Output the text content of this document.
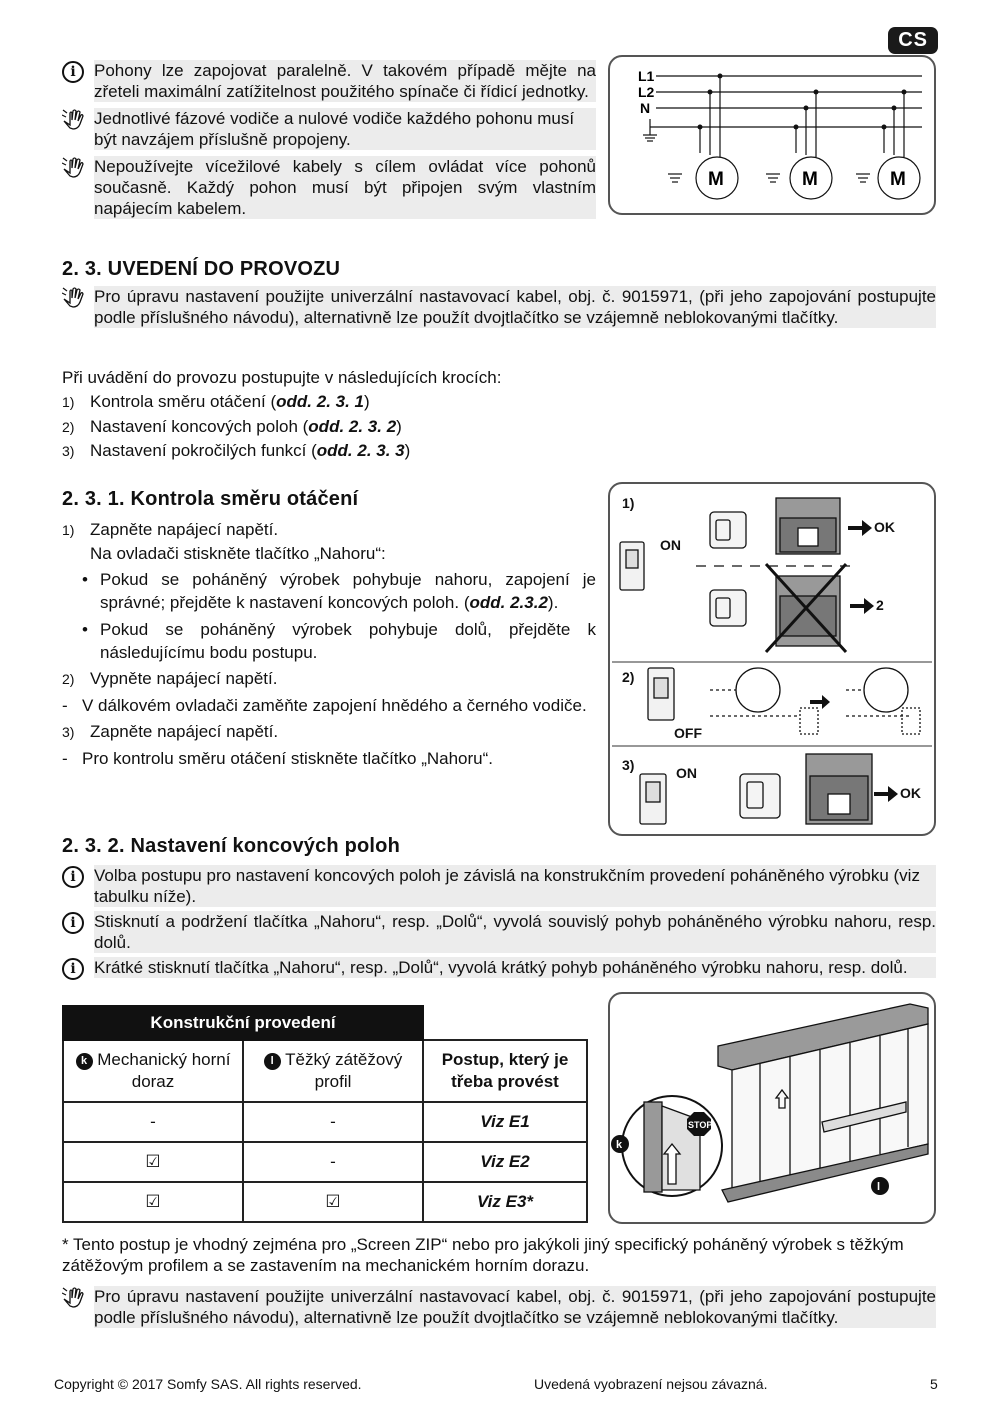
CS
i	Pohony lze zapojovat paralelně. V takovém případě mějte na zřeteli maximální zatížitelnost použitého spínače či řídicí jednotky.
Jednotlivé fázové vodiče a nulové vodiče každého pohonu musí být navzájem příslušně propojeny.
Nepoužívejte vícežilové kabely s cílem ovládat více pohonů současně. Každý pohon musí být připojen svým vlastním napájecím kabelem.
L1
L2
N
M	M	M
2. 3. UVEDENÍ DO PROVOZU
Pro úpravu nastavení použijte univerzální nastavovací kabel, obj. č. 9015971, (při jeho zapojování postupujte podle příslušného návodu), alternativně lze použít dvojtlačítko se vzájemně neblokovanými tlačítky.
Při uvádění do provozu postupujte v následujících krocích:
1) Kontrola směru otáčení (odd. 2. 3. 1)
2) Nastavení koncových poloh (odd. 2. 3. 2)
3) Nastavení pokročilých funkcí (odd. 2. 3. 3)
2. 3. 1. Kontrola směru otáčení
1) Zapněte napájecí napětí.
Na ovladači stiskněte tlačítko „Nahoru“:
• Pokud se poháněný výrobek pohybuje nahoru, zapojení je správné; přejděte k nastavení koncových poloh. (odd. 2.3.2).
• Pokud se poháněný výrobek pohybuje dolů, přejděte k následujícímu bodu postupu.
2) Vypněte napájecí napětí.
- V dálkovém ovladači zaměňte zapojení hnědého a černého vodiče.
3) Zapněte napájecí napětí.
- Pro kontrolu směru otáčení stiskněte tlačítko „Nahoru“.
1)
ON
OK
2
2)
OFF
3)	ON
OK
2. 3. 2. Nastavení koncových poloh
i	Volba postupu pro nastavení koncových poloh je závislá na konstrukčním provedení poháněného výrobku (viz tabulku níže).
i	Stisknutí a podržení tlačítka „Nahoru“, resp. „Dolů“, vyvolá souvislý pohyb poháněného výrobku nahoru, resp. dolů.
i	Krátké stisknutí tlačítka „Nahoru“, resp. „Dolů“, vyvolá krátký pohyb poháněného výrobku nahoru, resp. dolů.
Konstrukční provedení		
k Mechanický horní doraz	l Těžký zátěžový profil	Postup, který je třeba provést
-	-	Viz E1
☑	-	Viz E2
☑	☑	Viz E3*
STOP
k
l
* Tento postup je vhodný zejména pro „Screen ZIP“ nebo pro jakýkoli jiný specifický poháněný výrobek s těžkým zátěžovým profilem a se zastavením na mechanickém horním dorazu.
Pro úpravu nastavení použijte univerzální nastavovací kabel, obj. č. 9015971, (při jeho zapojování postupujte podle příslušného návodu), alternativně lze použít dvojtlačítko se vzájemně neblokovanými tlačítky.
Copyright © 2017 Somfy SAS. All rights reserved.	Uvedená vyobrazení nejsou závazná.	5
